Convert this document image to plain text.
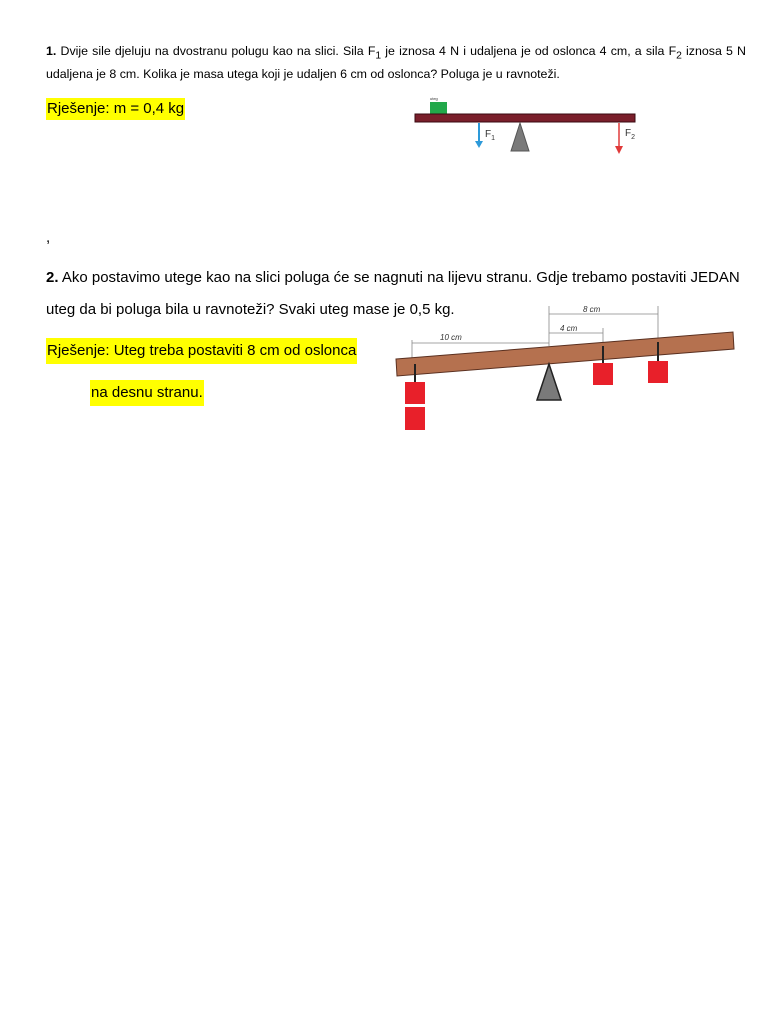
1. Dvije sile djeluju na dvostranu polugu kao na slici. Sila $F_1$ je iznosa 4 N i udaljena je od oslonca 4 cm, a sila $F_2$ iznosa 5 N udaljena je 8 cm. Kolika je masa utega koji je udaljen 6 cm od oslonca? Poluga je u ravnoteži.
Rješenje: m = 0,4 kg
uteg
$F_1$	$F_2$
,
2. Ako postavimo utege kao na slici poluga će se nagnuti na lijevu stranu. Gdje trebamo postaviti JEDAN uteg da bi poluga bila u ravnoteži? Svaki uteg mase je 0,5 kg.
Rješenje: Uteg treba postaviti 8 cm od oslonca
na desnu stranu.
8 cm
4 cm
10 cm
